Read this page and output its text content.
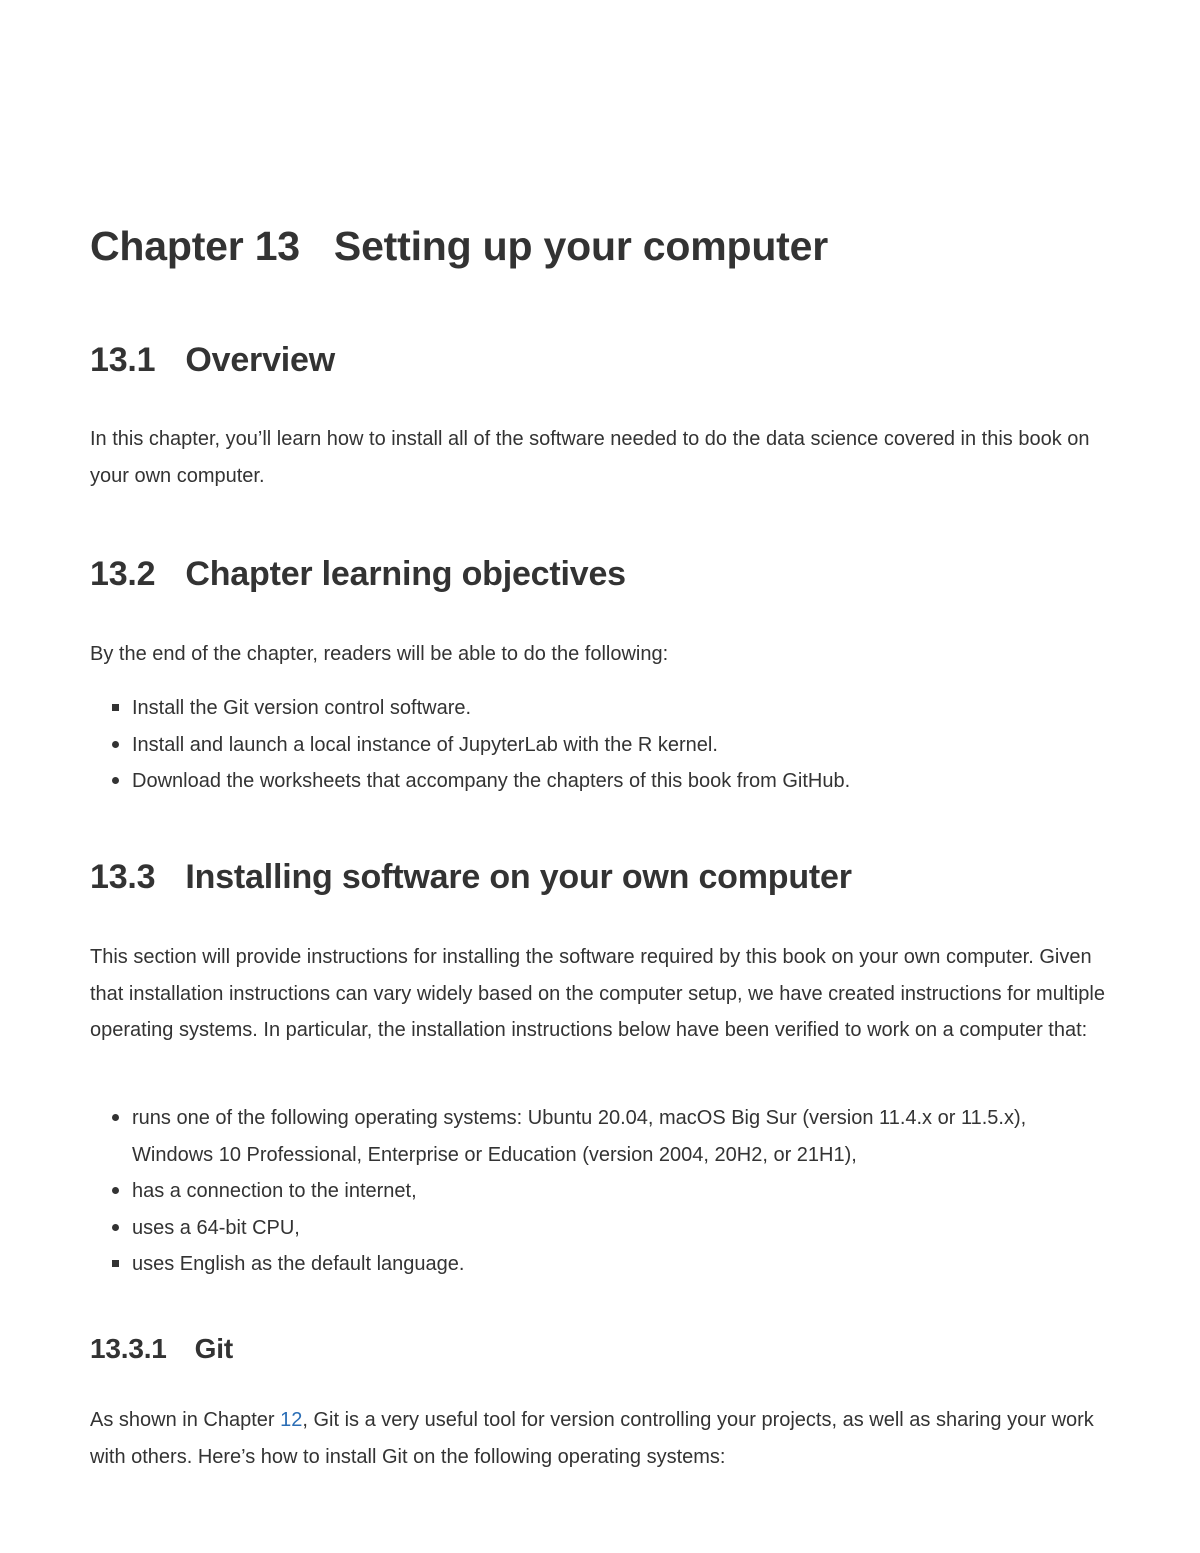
Chapter 13 Setting up your computer
13.1 Overview

In this chapter, you’ll learn how to install all of the software needed to do the data science covered in this book on your own computer.

13.2 Chapter learning objectives

By the end of the chapter, readers will be able to do the following:

Install the Git version control software.
Install and launch a local instance of JupyterLab with the R kernel.
Download the worksheets that accompany the chapters of this book from GitHub.
13.3 Installing software on your own computer

This section will provide instructions for installing the software required by this book on your own computer. Given that installation instructions can vary widely based on the computer setup, we have created instructions for multiple operating systems. In particular, the installation instructions below have been verified to work on a computer that:

runs one of the following operating systems: Ubuntu 20.04, macOS Big Sur (version 11.4.x or 11.5.x), Windows 10 Professional, Enterprise or Education (version 2004, 20H2, or 21H1),
has a connection to the internet,
uses a 64-bit CPU,
uses English as the default language.
13.3.1 Git

As shown in Chapter 12, Git is a very useful tool for version controlling your projects, as well as sharing your work with others. Here’s how to install Git on the following operating systems:
